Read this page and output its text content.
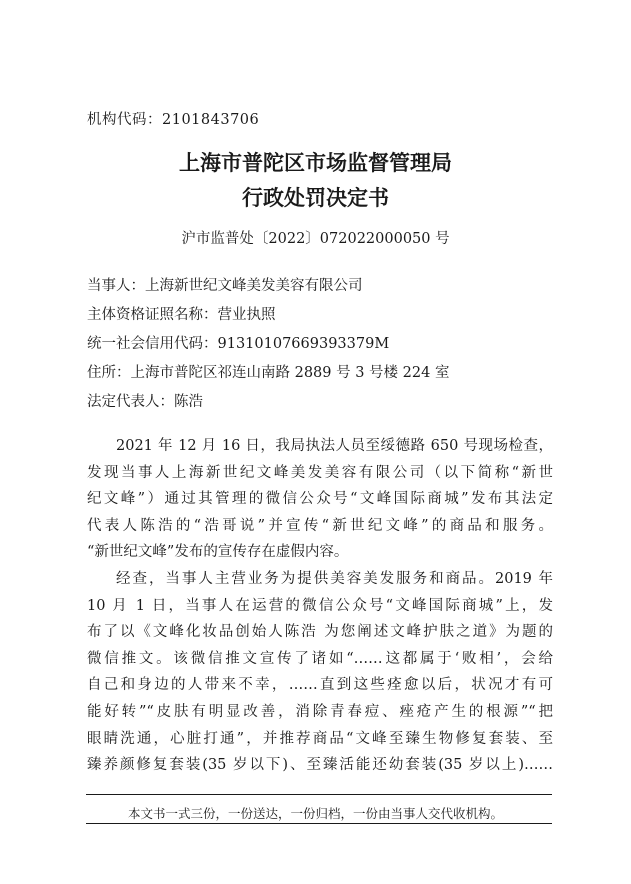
机构代码：2101843706
上海市普陀区市场监督管理局
行政处罚决定书
沪市监普处〔2022〕072022000050 号
当事人：上海新世纪文峰美发美容有限公司
主体资格证照名称：营业执照
统一社会信用代码：91310107669393379M
住所：上海市普陀区祁连山南路 2889 号 3 号楼 224 室
法定代表人：陈浩
2021 年 12 月 16 日，我局执法人员至绥德路 650 号现场检查，
发现当事人上海新世纪文峰美发美容有限公司（以下简称“新世
纪文峰”）通过其管理的微信公众号“文峰国际商城”发布其法定
代表人陈浩的“浩哥说”并宣传“新世纪文峰”的商品和服务。
“新世纪文峰”发布的宣传存在虚假内容。
经查，当事人主营业务为提供美容美发服务和商品。2019 年
10 月 1 日，当事人在运营的微信公众号“文峰国际商城”上，发
布了以《文峰化妆品创始人陈浩 为您阐述文峰护肤之道》为题的
微信推文。该微信推文宣传了诸如“……这都属于‘败相’，会给
自己和身边的人带来不幸，……直到这些痊愈以后，状况才有可
能好转”“皮肤有明显改善，消除青春痘、痤疮产生的根源”“把
眼睛洗通，心脏打通”，并推荐商品“文峰至臻生物修复套装、至
臻养颜修复套装(35 岁以下)、至臻活能还幼套装(35 岁以上)……
本文书一式三份，一份送达，一份归档，一份由当事人交代收机构。
